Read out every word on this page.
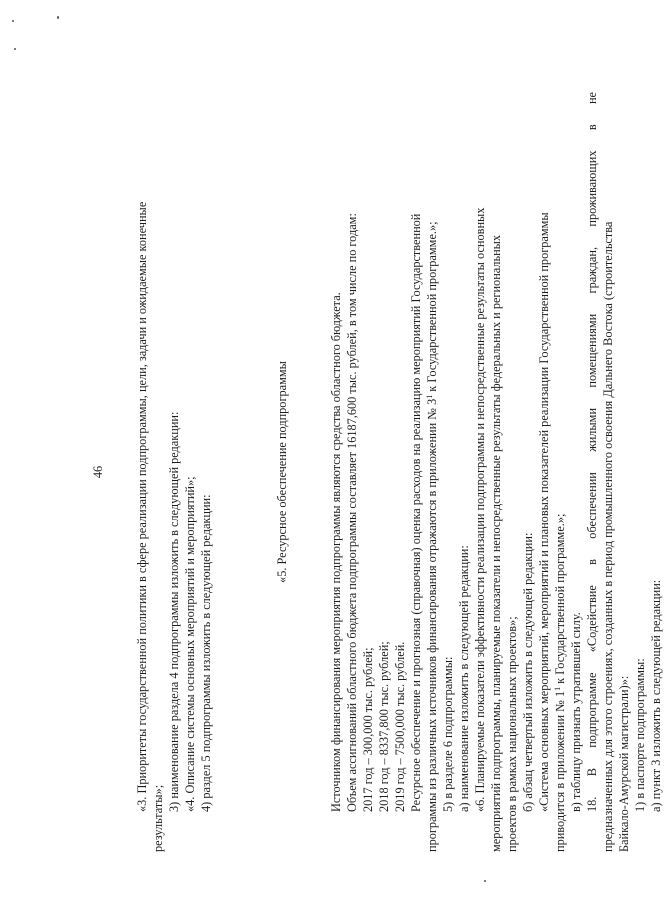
46 «3. Приоритеты государственной политики в сфере реализации подпрограммы, цели, задачи и ожидаемые конечные
результаты»;
3) наименование раздела 4 подпрограммы изложить в следующей редакции: «4. Описание системы основных мероприятий и мероприятий»; 4) раздел 5 подпрограммы изложить в следующей редакции:
«5. Ресурсное обеспечение подпрограммы	Источником финансирования мероприятия подпрограммы являются средства областного бюджета. Объем ассигнований областного бюджета подпрограммы составляет 16187,600 тыс. рублей, в том числе по годам: 2017 год – 300,000 тыс. рублей; 2018 год – 8337,800 тыс. рублей; 2019 год – 7500,000 тыс. рублей. Ресурсное обеспечение и прогнозная (справочная) оценка расходов на реализацию мероприятий Государственной программы из различных источников финансирования отражаются в приложении № $3^1$ к Государственной программе.»;
5) в разделе 6 подпрограммы: а) наименование изложить в следующей редакции: «6. Планируемые показатели эффективности реализации подпрограммы и непосредственные результаты основных мероприятий подпрограммы, планируемые показатели и непосредственные результаты федеральных и региональных проектов в рамках национальных проектов»; б) абзац четвертый изложить в следующей редакции: «Система основных мероприятий, мероприятий и плановых показателей реализации Государственной программы приводится в приложении № $1^1$ к Государственной программе.»;
в) таблицу признать утратившей силу. 18. В подпрограмме «Содействие в обеспечении жилыми помещениями граждан, проживающих в не предназначенных для этого строениях, созданных в период промышленного освоения Дальнего Востока (строительства Байкало-Амурской магистрали)»: 1) в паспорте подпрограммы: а) пункт 3 изложить в следующей редакции:
